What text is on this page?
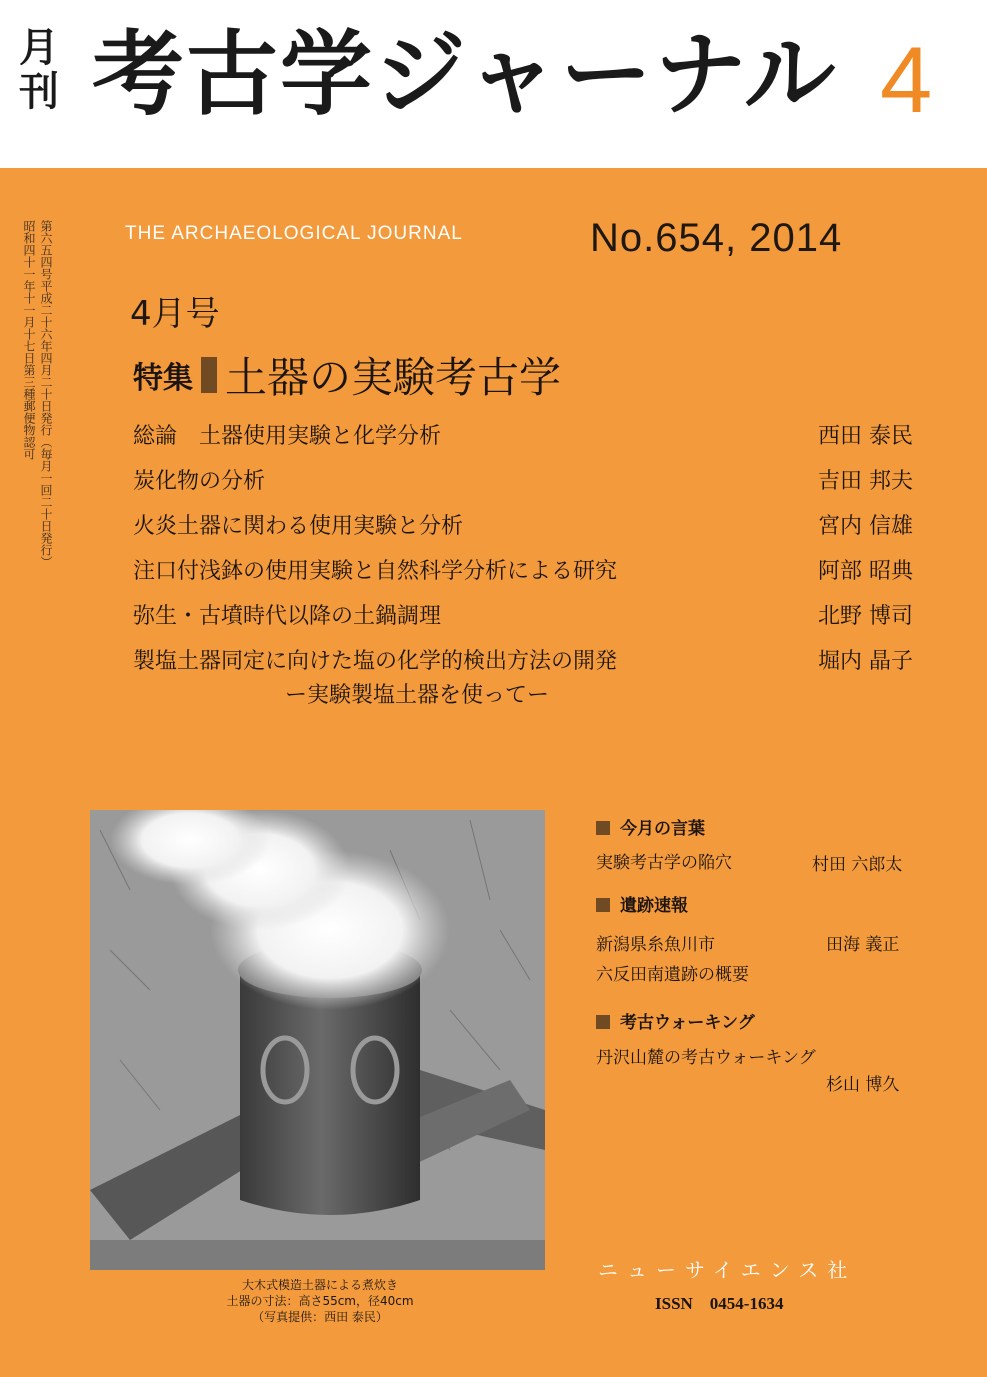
月刊 考古学ジャーナル 4
第六五四号平成二十六年四月二十日発行（毎月一回二十日発行）
昭和四十一年十一月十七日第三種郵便物認可	THE ARCHAEOLOGICAL JOURNAL	No.654, 2014
4月号
特集 土器の実験考古学
総論　土器使用実験と化学分析	西田 泰民
炭化物の分析	吉田 邦夫
火炎土器に関わる使用実験と分析	宮内 信雄
注口付浅鉢の使用実験と自然科学分析による研究	阿部 昭典
弥生・古墳時代以降の土鍋調理	北野 博司
製塩土器同定に向けた塩の化学的検出方法の開発	堀内 晶子
ー実験製塩土器を使ってー
大木式模造土器による煮炊き
土器の寸法：高さ55cm，径40cm
（写真提供：西田 泰民）
今月の言葉
実験考古学の陥穴	村田 六郎太
遺跡速報
新潟県糸魚川市
六反田南遺跡の概要
田海 義正
考古ウォーキング
丹沢山麓の考古ウォーキング
杉山 博久
ニューサイエンス社
ISSN　0454-1634
